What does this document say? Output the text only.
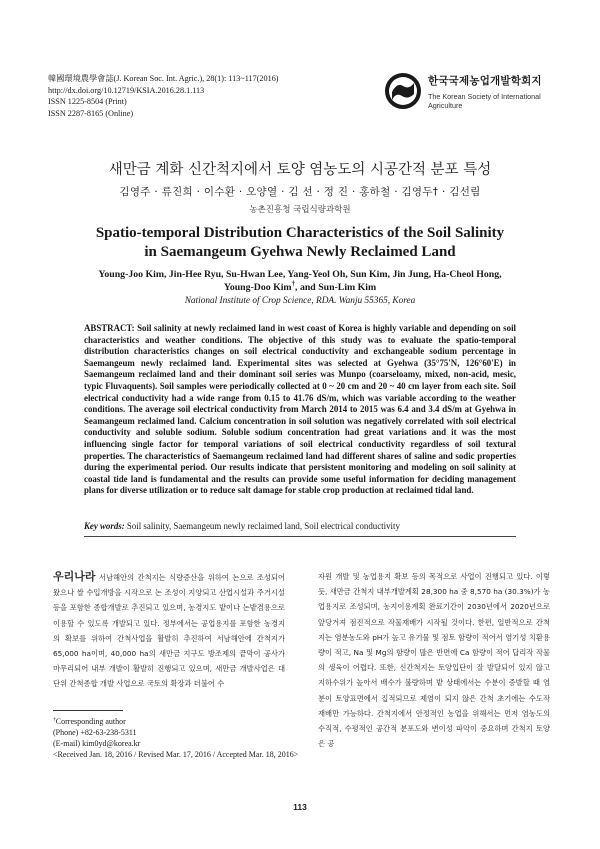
韓國環境農學會誌(J. Korean Soc. Int. Agric.), 28(1): 113~117(2016)
http://dx.doi.org/10.12719/KSIA.2016.28.1.113
ISSN 1225-8504 (Print)
ISSN 2287-8165 (Online)
한국국제농업개발학회지
The Korean Society of International Agriculture
새만금 계화 신간척지에서 토양 염농도의 시공간적 분포 특성
김영주 · 류진희 · 이수환 · 오양열 · 김 선 · 정 진 · 홍하철 · 김영두† · 김선림
농촌진흥청 국립식량과학원
Spatio-temporal Distribution Characteristics of the Soil Salinity
in Saemangeum Gyehwa Newly Reclaimed Land
Young-Joo Kim, Jin-Hee Ryu, Su-Hwan Lee, Yang-Yeol Oh, Sun Kim, Jin Jung, Ha-Cheol Hong,
Young-Doo Kim†, and Sun-Lim Kim
National Institute of Crop Science, RDA. Wanju 55365, Korea
ABSTRACT: Soil salinity at newly reclaimed land in west coast of Korea is highly variable and depending on soil characteristics and weather conditions. The objective of this study was to evaluate the spatio-temporal distribution characteristics changes on soil electrical conductivity and exchangeable sodium percentage in Saemangeum newly reclaimed land. Experimental sites was selected at Gyehwa (35°75'N, 126°60'E) in Saemangeum reclaimed land and their dominant soil series was Munpo (coarseloamy, mixed, non-acid, mesic, typic Fluvaquents). Soil samples were periodically collected at 0 ~ 20 cm and 20 ~ 40 cm layer from each site. Soil electrical conductivity had a wide range from 0.15 to 41.76 dS/m, which was variable according to the weather conditions. The average soil electrical conductivity from March 2014 to 2015 was 6.4 and 3.4 dS/m at Gyehwa in Seamangeum reclaimed land. Calcium concentration in soil solution was negatively correlated with soil electrical conductivity and soluble sodium. Soluble sodium concentration had great variations and it was the most influencing single factor for temporal variations of soil electrical conductivity regardless of soil textural properties. The characteristics of Saemangeum reclaimed land had different shares of saline and sodic properties during the experimental period. Our results indicate that persistent monitoring and modeling on soil salinity at coastal tide land is fundamental and the results can provide some useful information for deciding management plans for diverse utilization or to reduce salt damage for stable crop production at reclaimed tidal land.
Key words: Soil salinity, Saemangeum newly reclaimed land, Soil electrical conductivity
우리나라 서남해안의 간척지는 식량증산을 위하여 논으로 조성되어 왔으나 쌀 수입개방을 시작으로 논 조성이 지양되고 산업시설과 주거시설 등을 포함한 종합개발로 추진되고 있으며, 농경지도 밭이나 논밭겸용으로 이용할 수 있도록 개발되고 있다. 정부에서는 공업용지를 포함한 농경지의 확보를 위하여 간척사업을 활발히 추진하여 서남해안에 간척지가 65,000 ha이며, 40,000 ha의 새만금 지구도 방조제의 끝막이 공사가 마무리되어 내부 개발이 활발히 진행되고 있으며, 새만금 개발사업은 대단위 간척종합 개발 사업으로 국토의 확장과 더불어 수
자원 개발 및 농업용지 확보 등의 목적으로 사업이 진행되고 있다. 이렇듯, 새만금 간척지 내부개발계획 28,300 ha 중 8,570 ha (30.3%)가 농업용지로 조성되며, 농지이용계획 완료기간이 2030년에서 2020년으로 앞당겨져 점진적으로 작물재배가 시작될 것이다. 한편, 일반적으로 간척지는 염분농도와 pH가 높고 유기물 및 점토 함량이 적어서 염기성 치환용량이 적고, Na 및 Mg의 함량이 많은 반면에 Ca 함량이 적어 답리작 작물의 생육이 어렵다. 또한, 신간척지는 토양입단이 잘 발달되어 있지 않고 지하수위가 높아서 배수가 불량하며 밭 상태에서는 수분이 증발할 때 염분이 토양표면에서 집적되므로 제염이 되지 않은 간척 초기에는 수도작 재배만 가능하다. 간척지에서 안정적인 농업을 위해서는 먼저 염농도의 수직적, 수평적인 공간적 분포도와 변이성 파악이 중요하며 간척지 토양은 공
†Corresponding author
(Phone) +82-63-238-5311
(E-mail) kim0yd@korea.kr
<Received Jan. 18, 2016 / Revised Mar. 17, 2016 / Accepted Mar. 18, 2016>
113
